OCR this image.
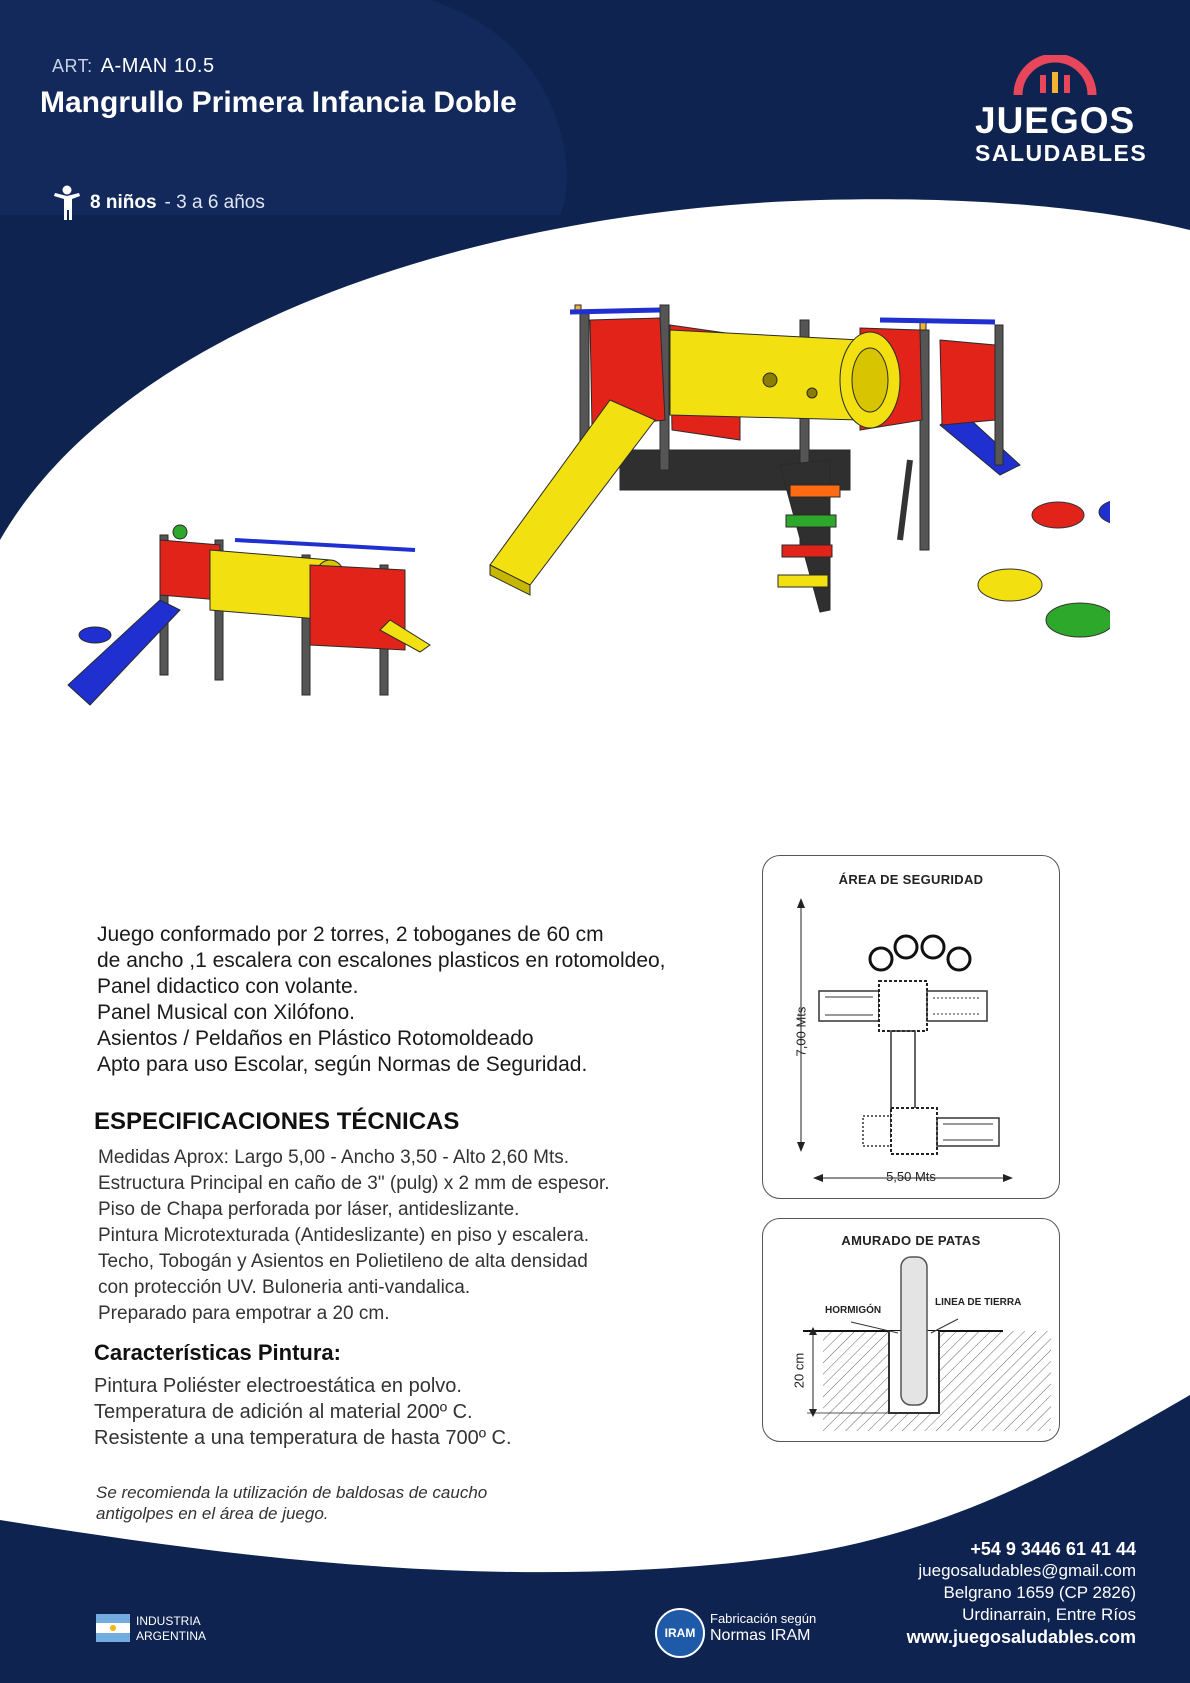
ART: A-MAN 10.5
Mangrullo Primera Infancia Doble
8 niños - 3 a 6 años
JUEGOS
SALUDABLES
Juego conformado por 2 torres, 2 toboganes de 60 cm
de ancho ,1 escalera con escalones plasticos en rotomoldeo,
Panel didactico con volante.
Panel Musical con Xilófono.
Asientos / Peldaños en Plástico Rotomoldeado
Apto para uso Escolar, según Normas de Seguridad.
ESPECIFICACIONES TÉCNICAS
Medidas Aprox: Largo 5,00 - Ancho 3,50 - Alto 2,60 Mts.
Estructura Principal en caño de 3" (pulg) x 2 mm de espesor.
Piso de Chapa perforada por láser, antideslizante.
Pintura Microtexturada (Antideslizante) en piso y escalera.
Techo, Tobogán y Asientos en Polietileno de alta densidad
con protección UV. Buloneria anti-vandalica.
Preparado para empotrar a 20 cm.
Características Pintura:
Pintura Poliéster electroestática en polvo.
Temperatura de adición al material 200º C.
Resistente a una temperatura de hasta 700º C.
Se recomienda la utilización de baldosas de caucho
antigolpes en el área de juego.
ÁREA DE SEGURIDAD
7,00 Mts
5,50 Mts
AMURADO DE PATAS
HORMIGÓN
LINEA DE TIERRA
20 cm
+54 9 3446 61 41 44
juegosaludables@gmail.com
Belgrano 1659 (CP 2826)
Urdinarrain, Entre Ríos
www.juegosaludables.com
INDUSTRIA
ARGENTINA	IRAM
Fabricación según
Normas IRAM
